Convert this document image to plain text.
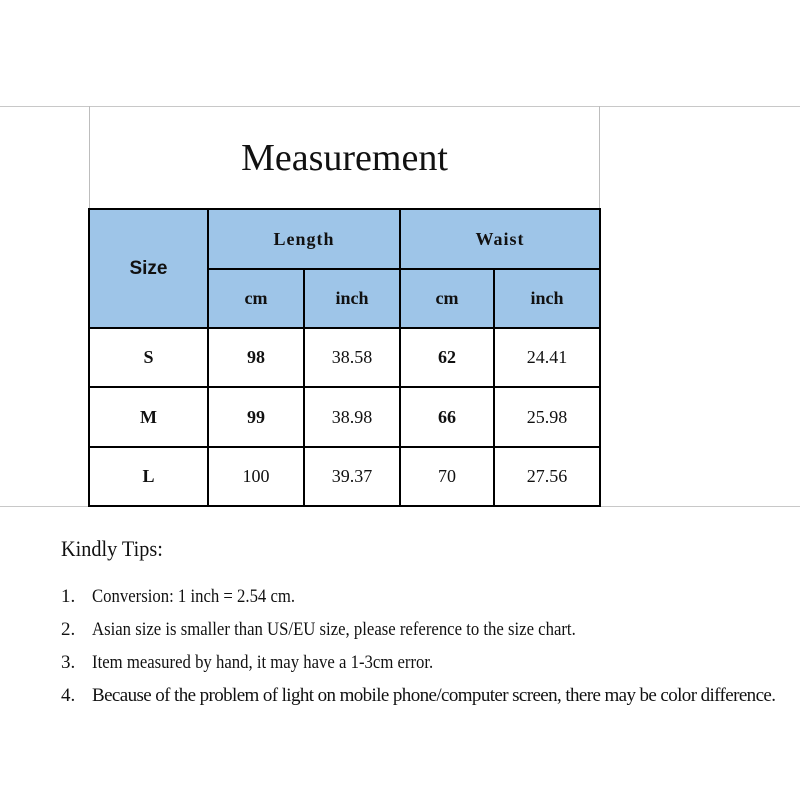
Measurement
Size	Length		Waist	
	cm	inch	cm	inch
S	98	38.58	62	24.41
M	99	38.98	66	25.98
L	100	39.37	70	27.56
Kindly Tips:
1. Conversion: 1 inch = 2.54 cm.
2. Asian size is smaller than US/EU size, please reference to the size chart.
3. Item measured by hand, it may have a 1-3cm error.
4. Because of the problem of light on mobile phone/computer screen, there may be color difference.
